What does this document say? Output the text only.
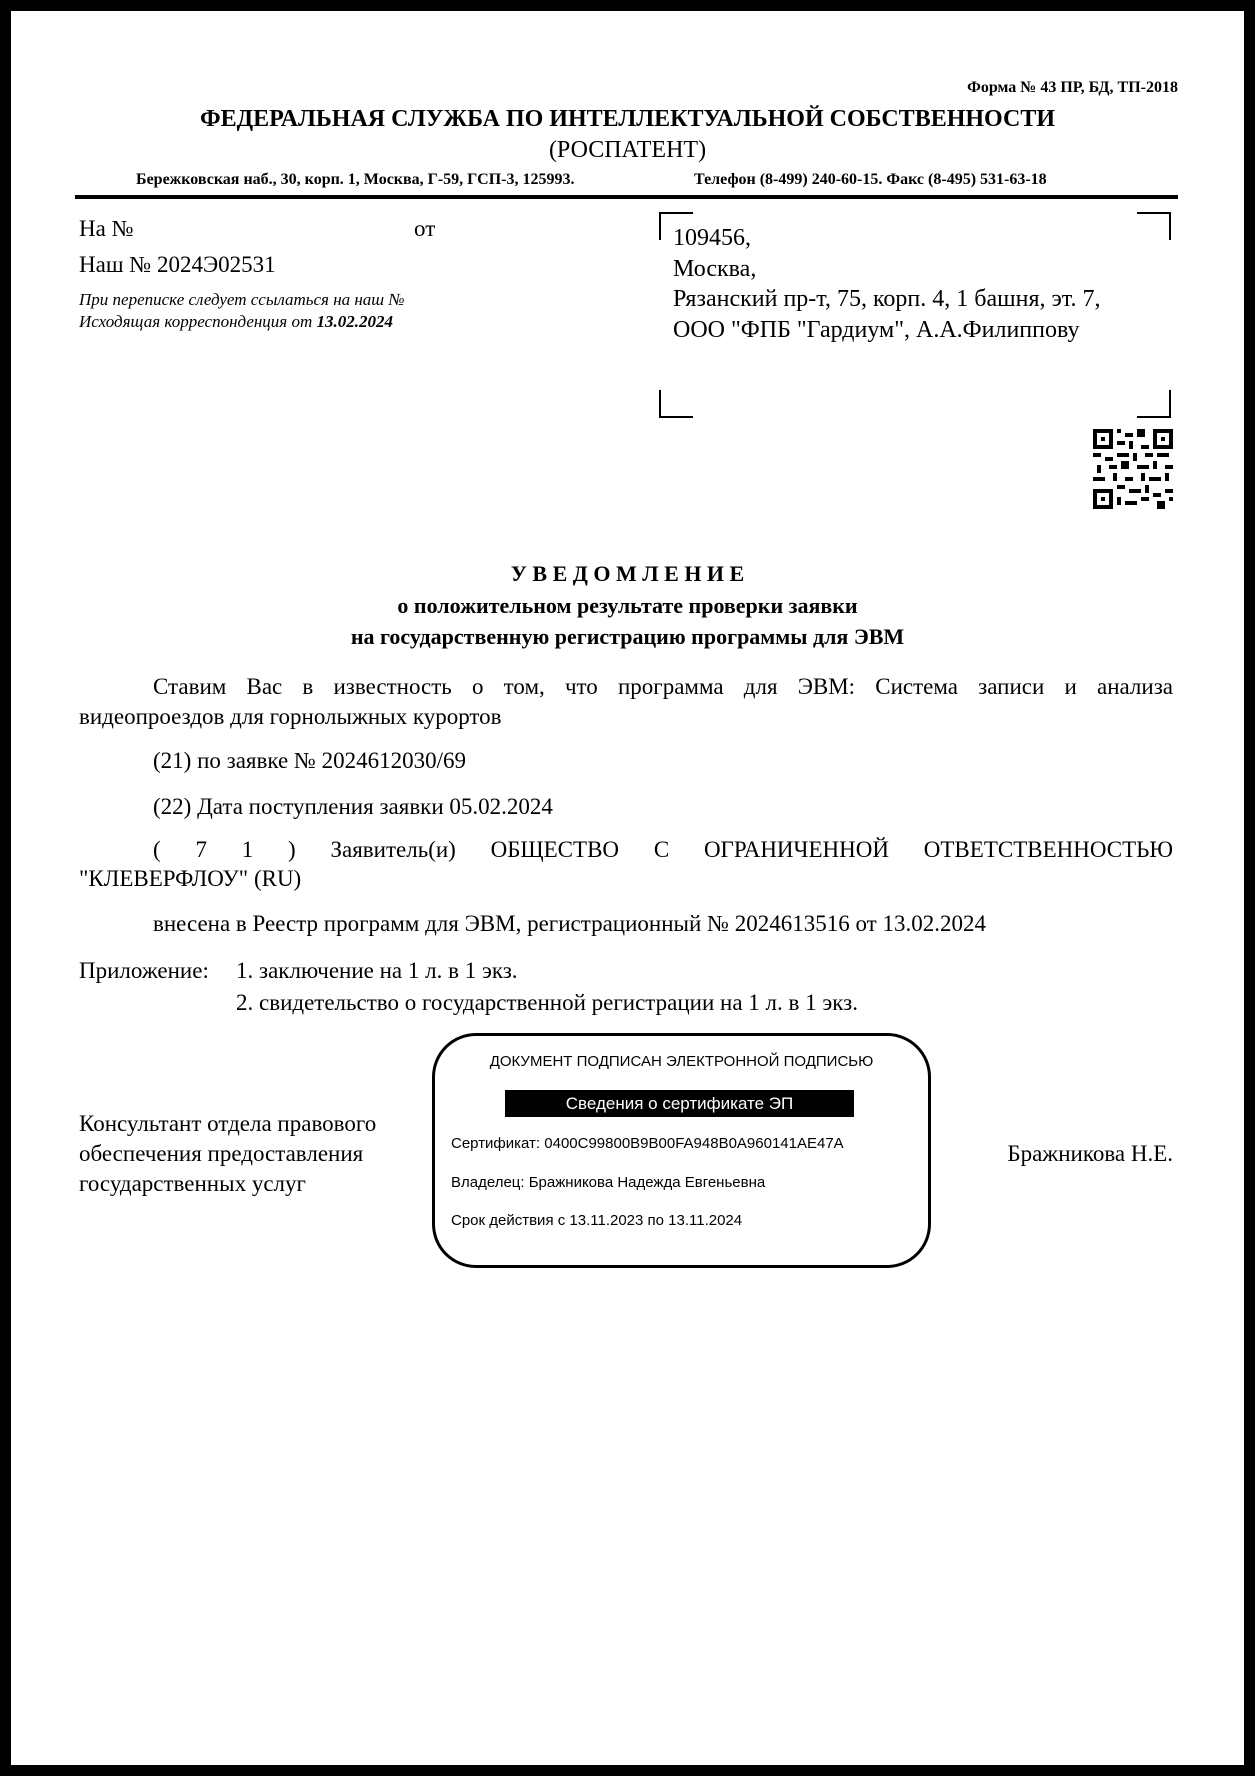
Форма № 43 ПР, БД, ТП-2018
ФЕДЕРАЛЬНАЯ СЛУЖБА ПО ИНТЕЛЛЕКТУАЛЬНОЙ СОБСТВЕННОСТИ
(РОСПАТЕНТ)
Бережковская наб., 30, корп. 1, Москва, Г-59, ГСП-3, 125993.	Телефон (8-499) 240-60-15. Факс (8-495) 531-63-18
На №	от
Наш № 2024Э02531
При переписке следует ссылаться на наш №
Исходящая корреспонденция от 13.02.2024
109456,
Москва,
Рязанский пр-т, 75, корп. 4, 1 башня, эт. 7,
ООО "ФПБ "Гардиум", А.А.Филиппову
У В Е Д О М Л Е Н И Е
о положительном результате проверки заявки
на государственную регистрацию программы для ЭВМ
Ставим Вас в известность о том, что программа для ЭВМ: Система записи и анализа
видеопроездов для горнолыжных курортов
(21) по заявке № 2024612030/69
(22) Дата поступления заявки 05.02.2024
( 7 1 ) Заявитель(и) ОБЩЕСТВО С ОГРАНИЧЕННОЙ ОТВЕТСТВЕННОСТЬЮ
"КЛЕВЕРФЛОУ" (RU)
внесена в Реестр программ для ЭВМ, регистрационный № 2024613516 от 13.02.2024
Приложение: 1. заключение на 1 л. в 1 экз.
2. свидетельство о государственной регистрации на 1 л. в 1 экз.
Консультант отдела правового
обеспечения предоставления
государственных услуг
Бражникова Н.Е.
ДОКУМЕНТ ПОДПИСАН ЭЛЕКТРОННОЙ ПОДПИСЬЮ
Сведения о сертификате ЭП
Сертификат: 0400C99800B9B00FA948B0A960141AE47A
Владелец: Бражникова Надежда Евгеньевна
Срок действия с 13.11.2023 по 13.11.2024
